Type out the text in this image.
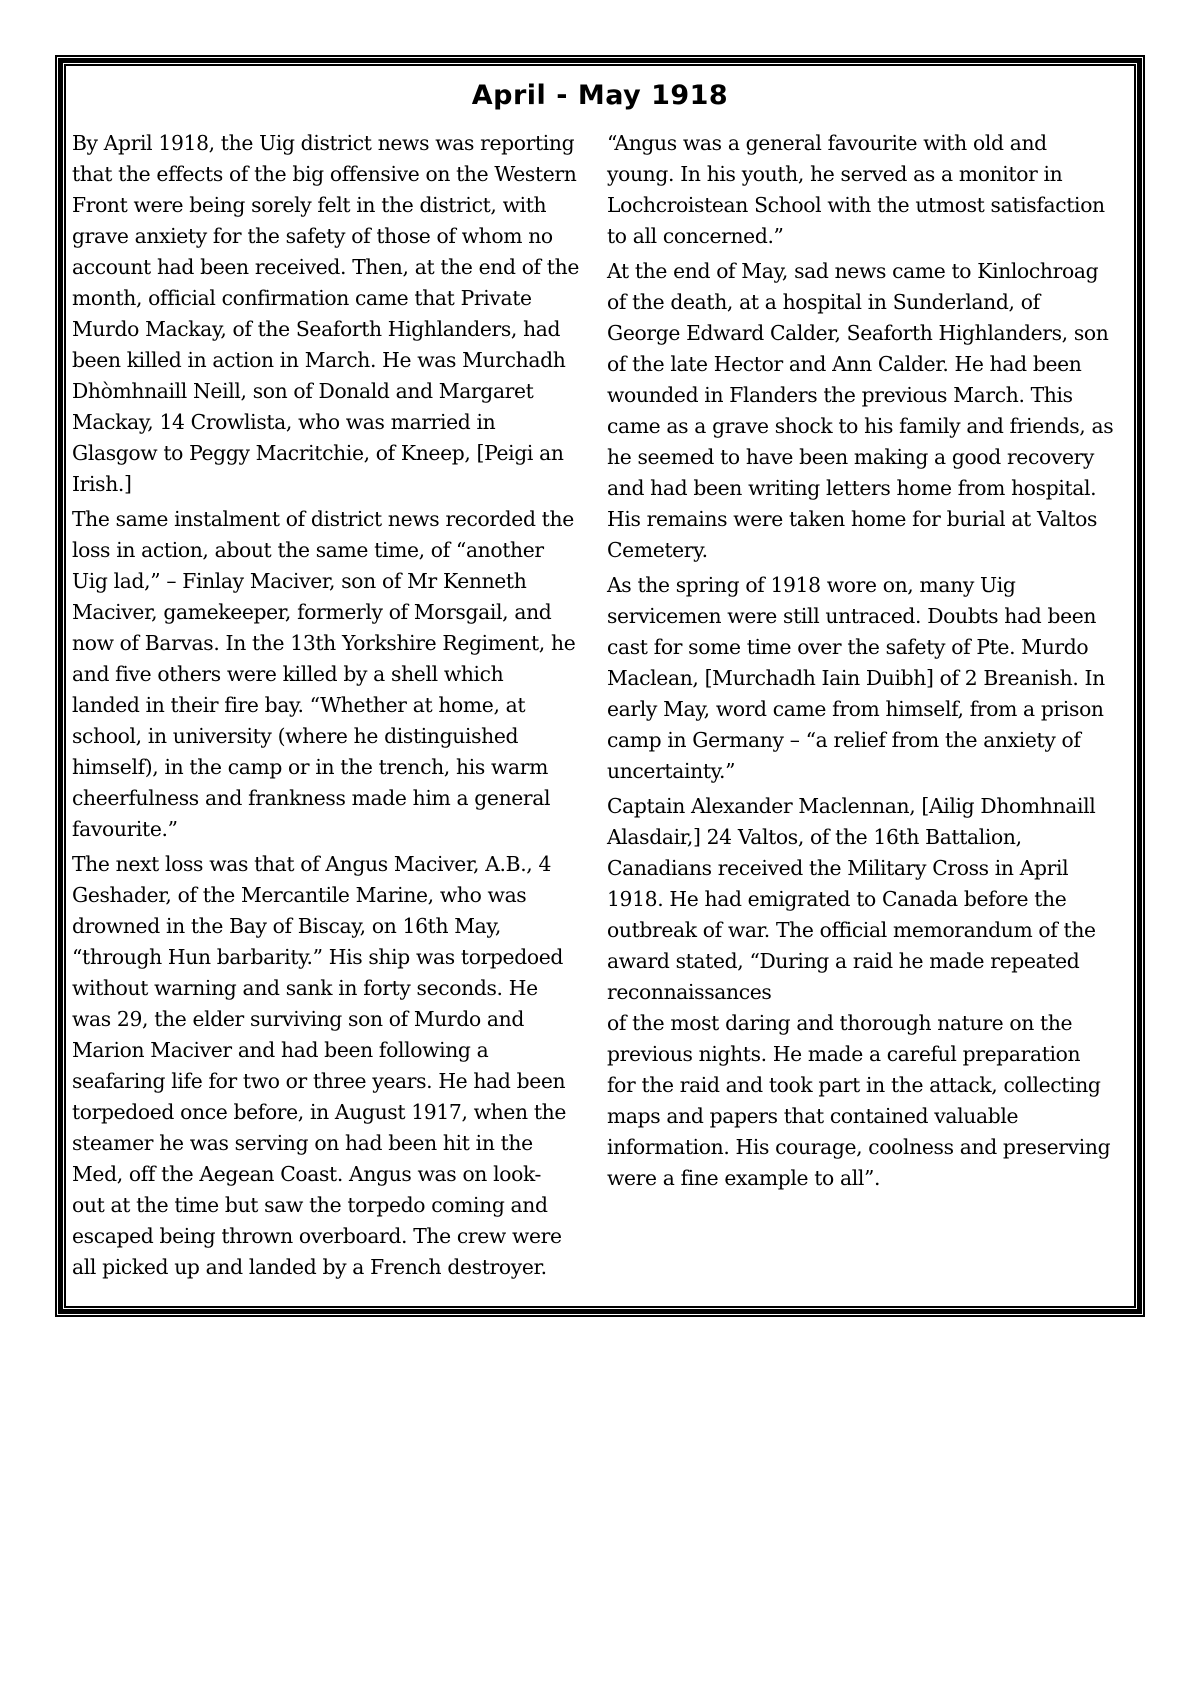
April - May 1918
By April 1918, the Uig district news was reporting
that the effects of the big offensive on the Western
Front were being sorely felt in the district, with
grave anxiety for the safety of those of whom no
account had been received. Then, at the end of the
month, official confirmation came that Private
Murdo Mackay, of the Seaforth Highlanders, had
been killed in action in March. He was Murchadh
Dhòmhnaill Neill, son of Donald and Margaret
Mackay, 14 Crowlista, who was married in
Glasgow to Peggy Macritchie, of Kneep, [Peigi an
Irish.]
The same instalment of district news recorded the
loss in action, about the same time, of “another
Uig lad,” – Finlay Maciver, son of Mr Kenneth
Maciver, gamekeeper, formerly of Morsgail, and
now of Barvas. In the 13th Yorkshire Regiment, he
and five others were killed by a shell which
landed in their fire bay. “Whether at home, at
school, in university (where he distinguished
himself), in the camp or in the trench, his warm
cheerfulness and frankness made him a general
favourite.”
The next loss was that of Angus Maciver, A.B., 4
Geshader, of the Mercantile Marine, who was
drowned in the Bay of Biscay, on 16th May,
“through Hun barbarity.” His ship was torpedoed
without warning and sank in forty seconds. He
was 29, the elder surviving son of Murdo and
Marion Maciver and had been following a
seafaring life for two or three years. He had been
torpedoed once before, in August 1917, when the
steamer he was serving on had been hit in the
Med, off the Aegean Coast. Angus was on look-
out at the time but saw the torpedo coming and
escaped being thrown overboard. The crew were
all picked up and landed by a French destroyer.
“Angus was a general favourite with old and
young. In his youth, he served as a monitor in
Lochcroistean School with the utmost satisfaction
to all concerned.”
At the end of May, sad news came to Kinlochroag
of the death, at a hospital in Sunderland, of
George Edward Calder, Seaforth Highlanders, son
of the late Hector and Ann Calder. He had been
wounded in Flanders the previous March. This
came as a grave shock to his family and friends, as
he seemed to have been making a good recovery
and had been writing letters home from hospital.
His remains were taken home for burial at Valtos
Cemetery.
As the spring of 1918 wore on, many Uig
servicemen were still untraced. Doubts had been
cast for some time over the safety of Pte. Murdo
Maclean, [Murchadh Iain Duibh] of 2 Breanish. In
early May, word came from himself, from a prison
camp in Germany – “a relief from the anxiety of
uncertainty.”
Captain Alexander Maclennan, [Ailig Dhomhnaill
Alasdair,] 24 Valtos, of the 16th Battalion,
Canadians received the Military Cross in April
1918. He had emigrated to Canada before the
outbreak of war. The official memorandum of the
award stated, “During a raid he made repeated
reconnaissances
of the most daring and thorough nature on the
previous nights. He made a careful preparation
for the raid and took part in the attack, collecting
maps and papers that contained valuable
information. His courage, coolness and preserving
were a fine example to all”.
